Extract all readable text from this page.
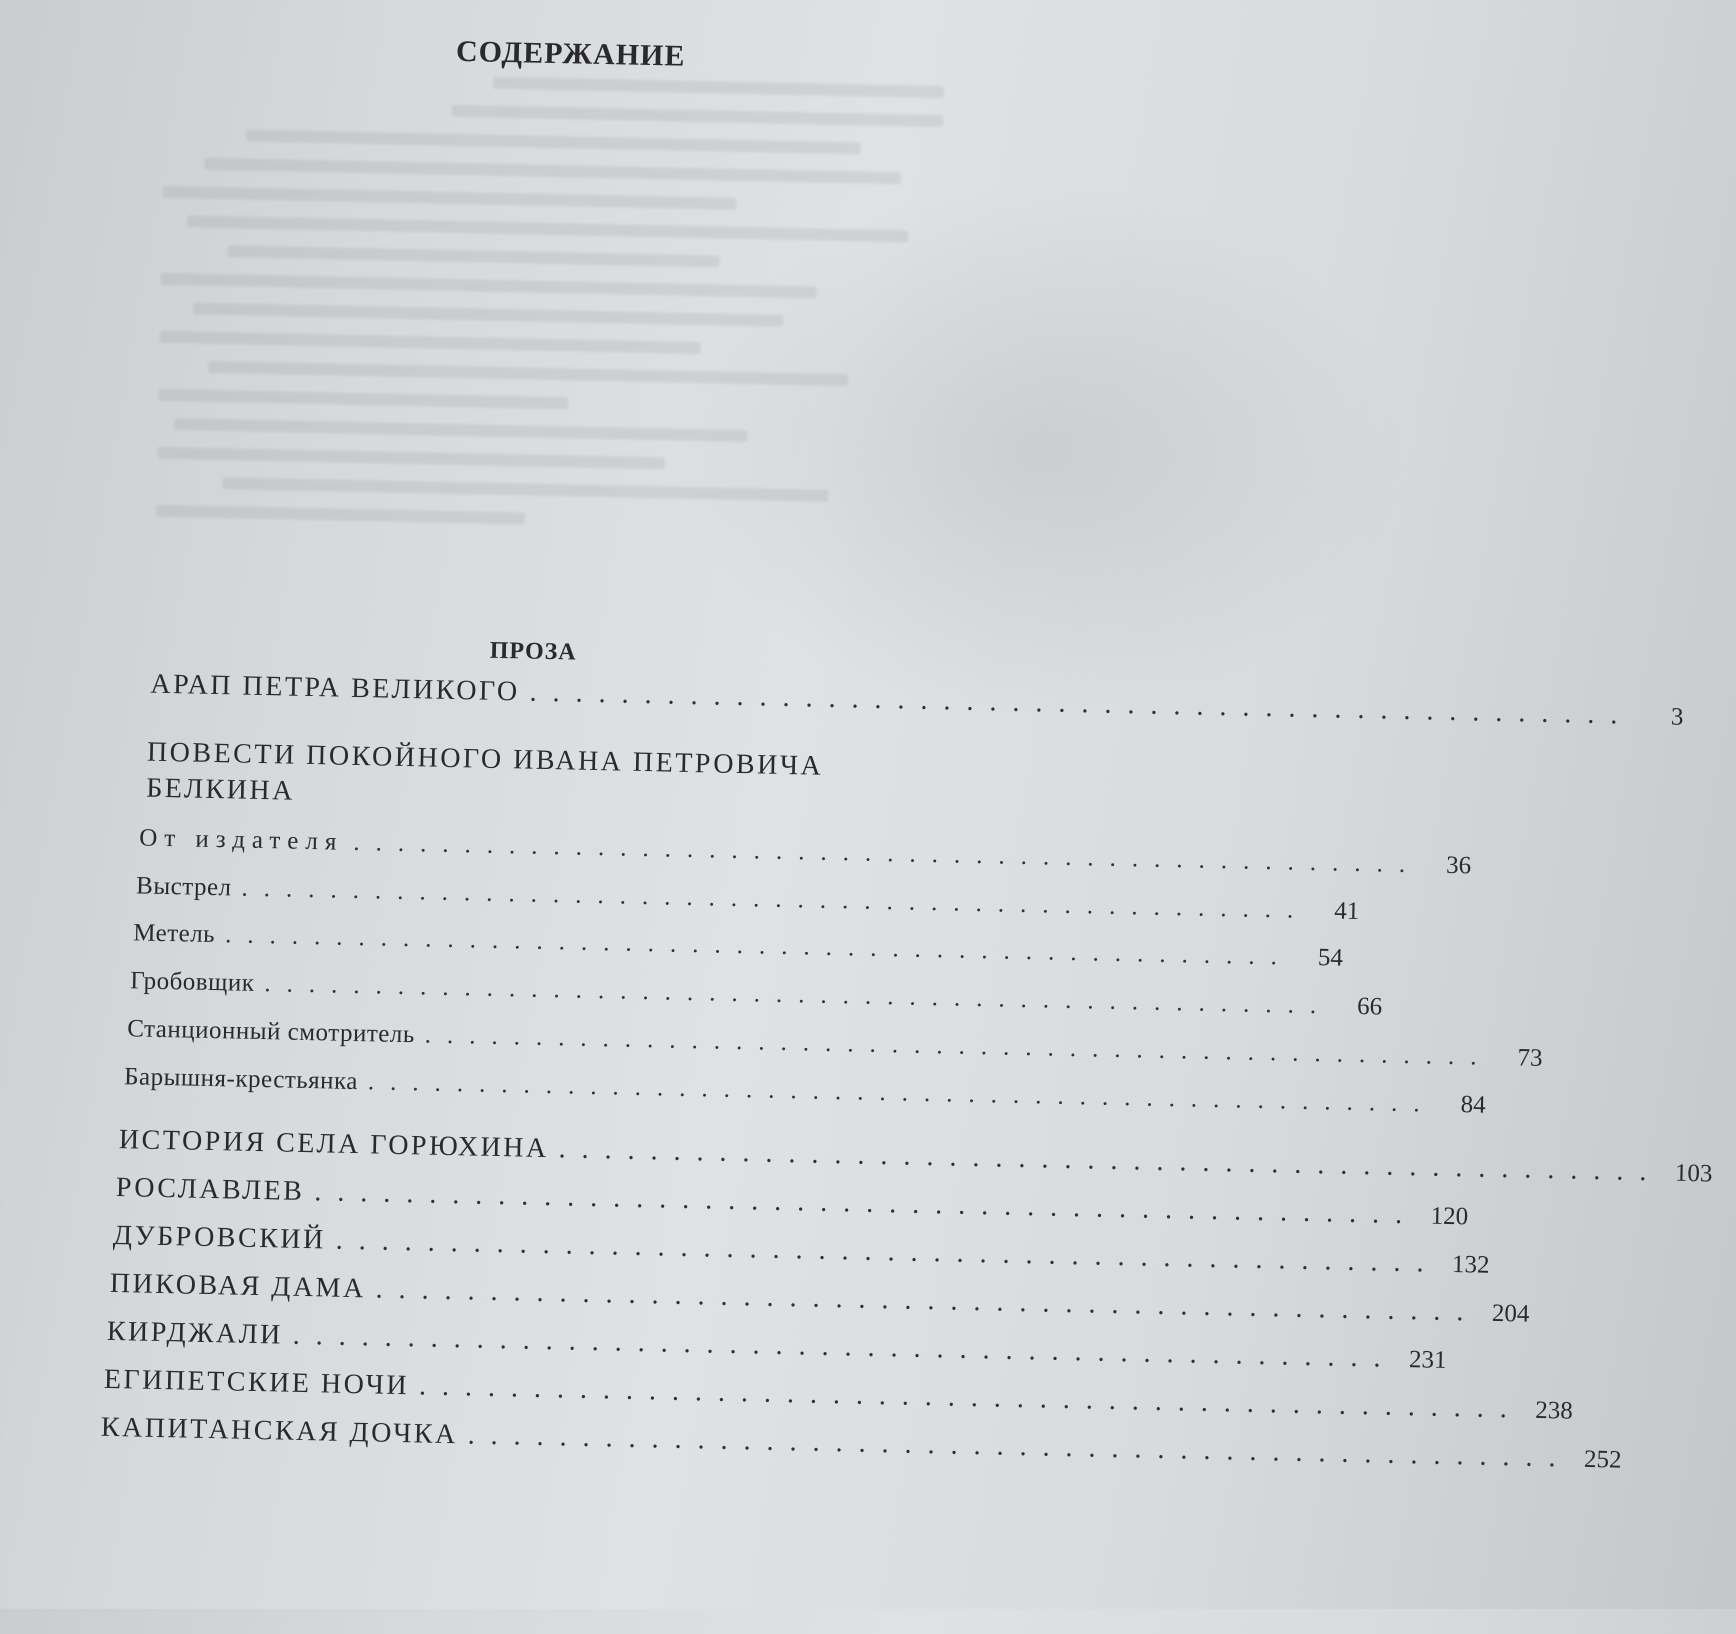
СОДЕРЖАНИЕ
ПРОЗА
АРАП ПЕТРА ВЕЛИКОГО ................................................	3
ПОВЕСТИ ПОКОЙНОГО ИВАНА ПЕТРОВИЧА БЕЛКИНА
От издателя ................................................ 36
Выстрел ................................................ 41
Метель ................................................ 54
Гробовщик ................................................ 66
Станционный смотритель ................................................ 73
Барышня-крестьянка ................................................ 84
ИСТОРИЯ СЕЛА ГОРЮХИНА ................................................ 103
РОСЛАВЛЕВ ................................................ 120
ДУБРОВСКИЙ ................................................ 132
ПИКОВАЯ ДАМА ................................................ 204
КИРДЖАЛИ ................................................ 231
ЕГИПЕТСКИЕ НОЧИ ................................................ 238
КАПИТАНСКАЯ ДОЧКА ................................................ 252
